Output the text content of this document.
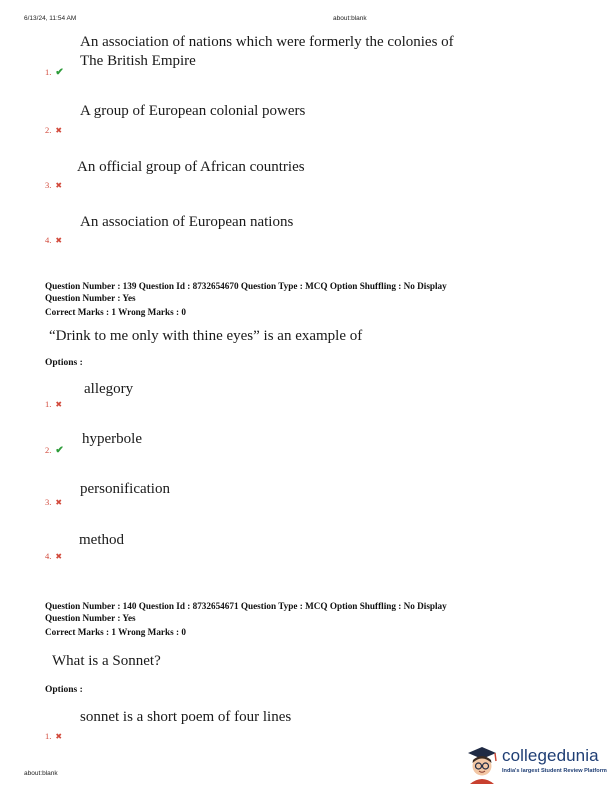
6/13/24, 11:54 AM	about:blank
An association of nations which were formerly the colonies of
The British Empire
1. ✔
A group of European colonial powers
2. ✖
An official group of African countries
3. ✖
An association of European nations
4. ✖
Question Number : 139 Question Id : 8732654670 Question Type : MCQ Option Shuffling : No Display
Question Number : Yes
Correct Marks : 1 Wrong Marks : 0
“Drink to me only with thine eyes” is an example of
Options :
allegory
1. ✖
hyperbole
2. ✔
personification
3. ✖
method
4. ✖
Question Number : 140 Question Id : 8732654671 Question Type : MCQ Option Shuffling : No Display
Question Number : Yes
Correct Marks : 1 Wrong Marks : 0
What is a Sonnet?
Options :
sonnet is a short poem of four lines
1. ✖
about:blank
collegedunia
India's largest Student Review Platform
